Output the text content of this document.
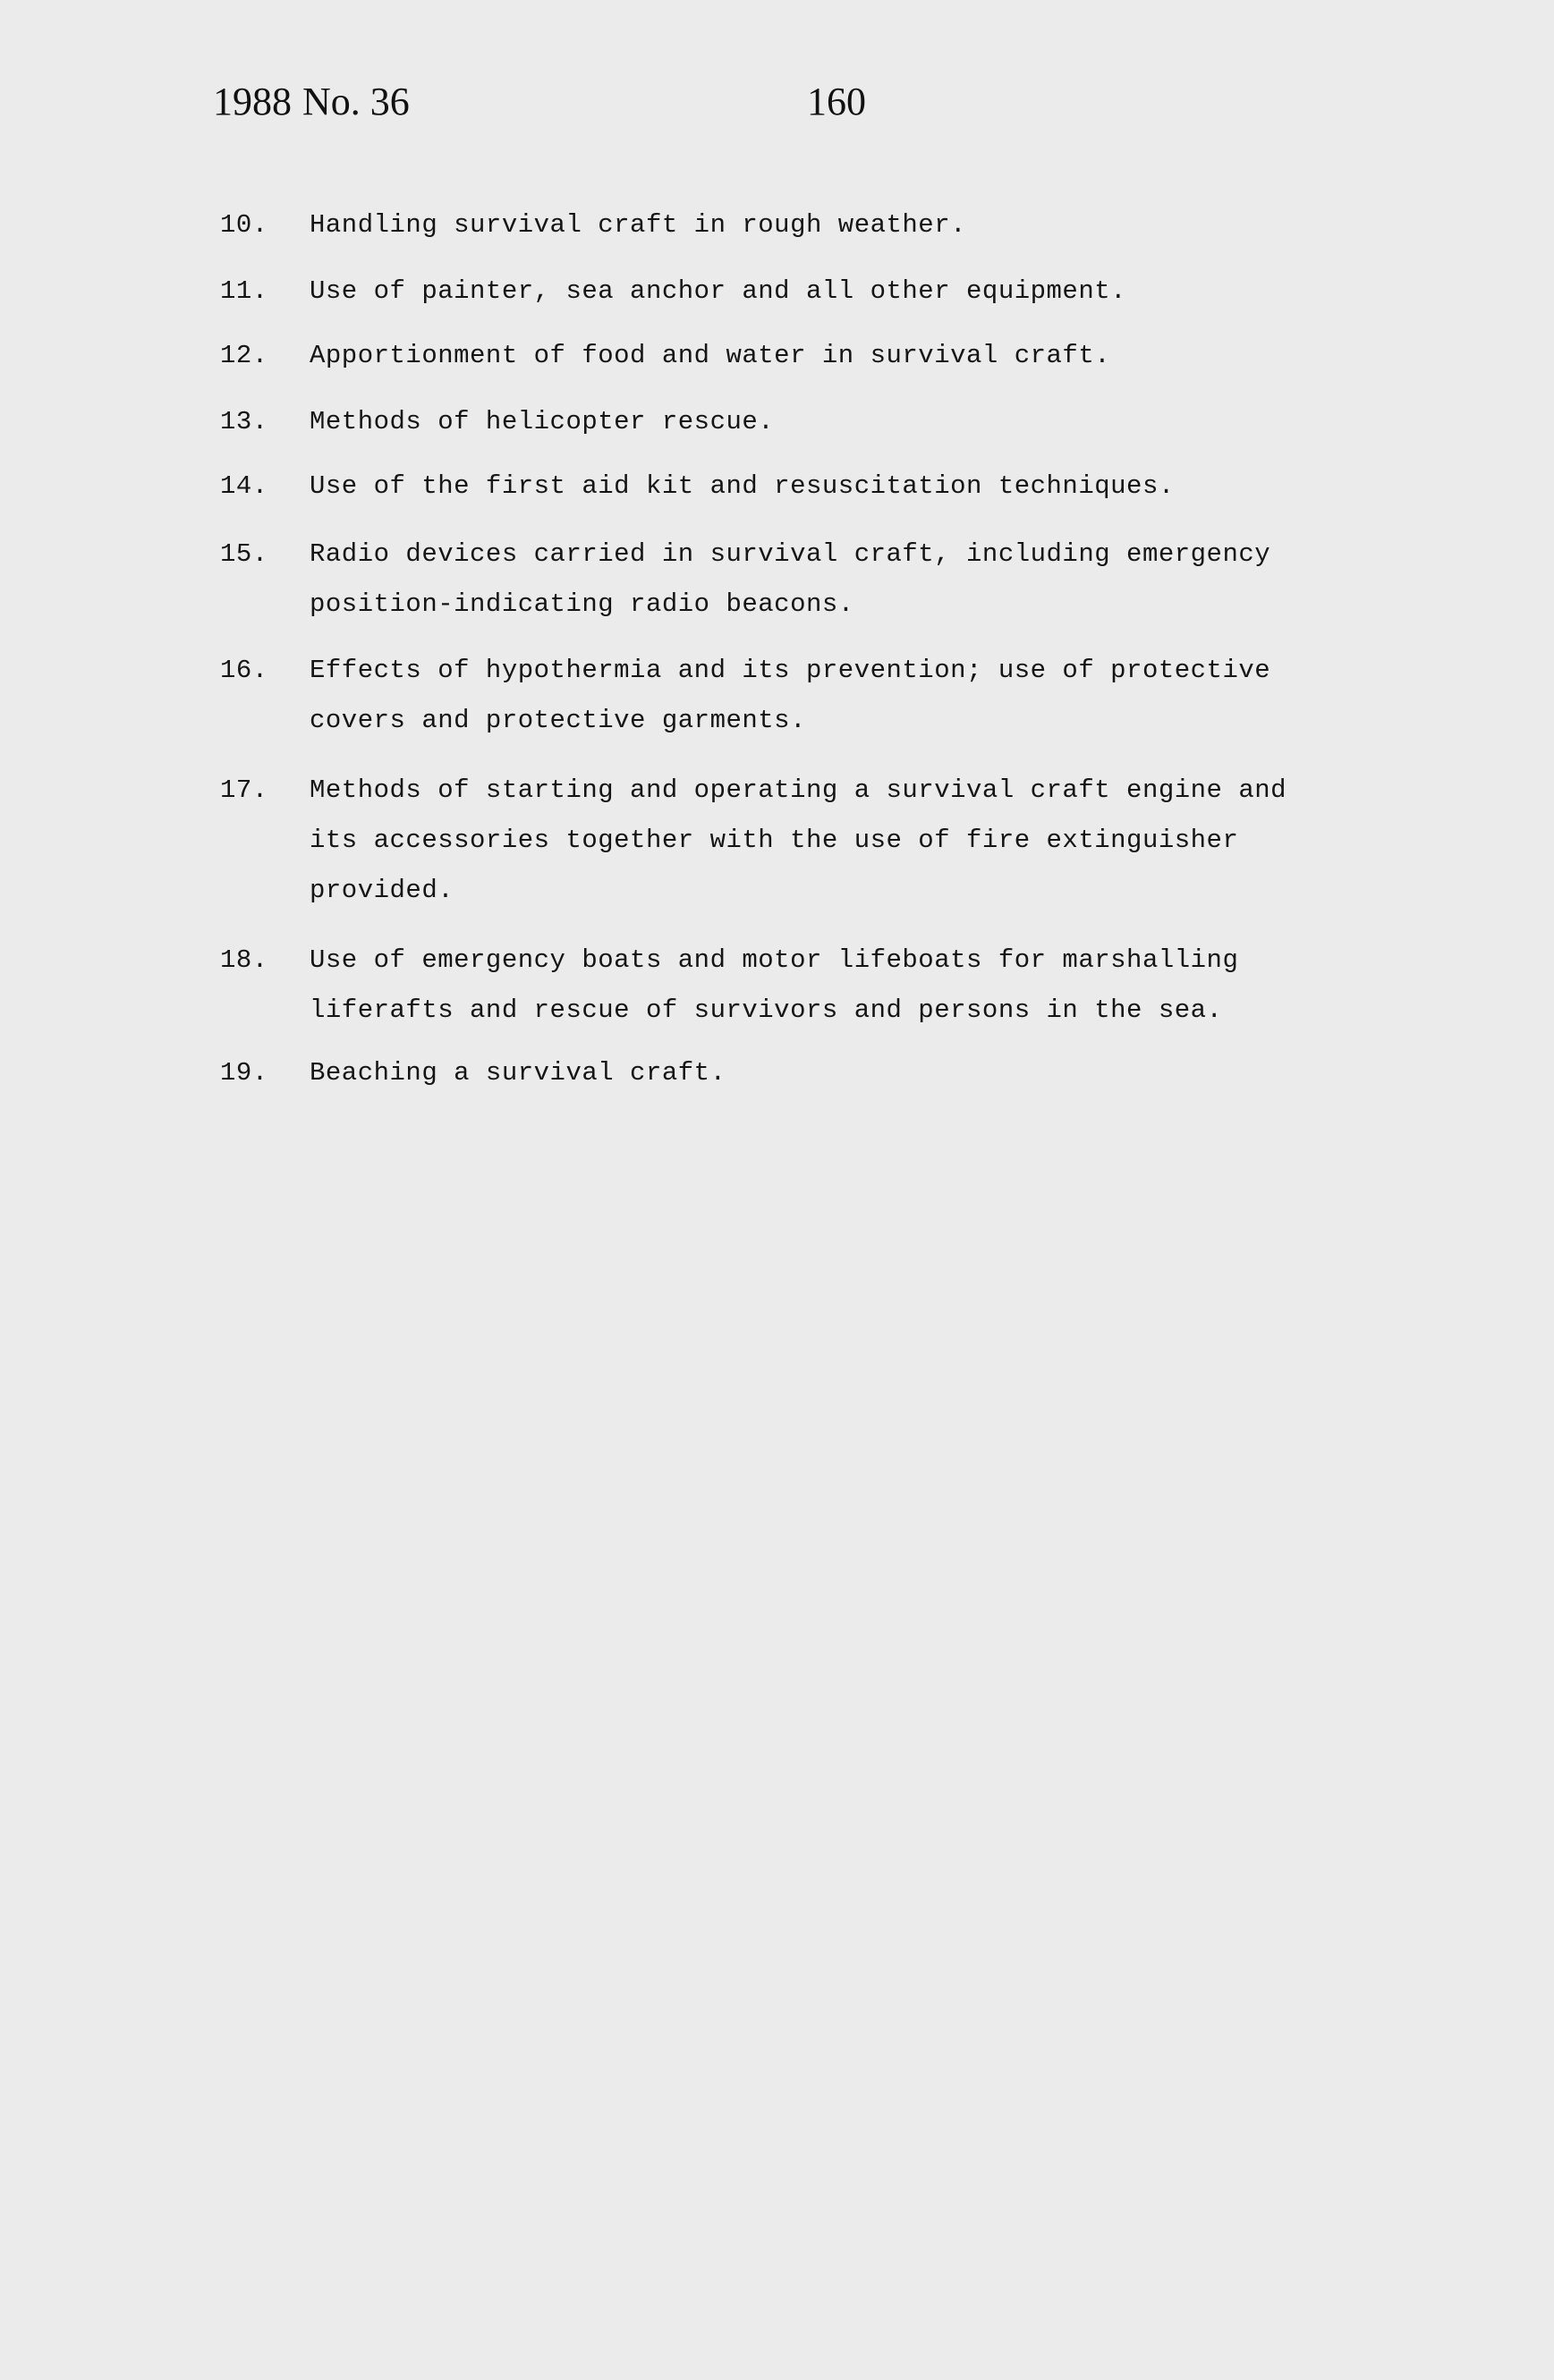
1988 No. 36	160
10. Handling survival craft in rough weather.
11. Use of painter, sea anchor and all other equipment.
12. Apportionment of food and water in survival craft.
13. Methods of helicopter rescue.
14. Use of the first aid kit and resuscitation techniques.
15. Radio devices carried in survival craft, including emergency
position-indicating radio beacons.
16. Effects of hypothermia and its prevention; use of protective
covers and protective garments.
17. Methods of starting and operating a survival craft engine and
its accessories together with the use of fire extinguisher
provided.
18. Use of emergency boats and motor lifeboats for marshalling
liferafts and rescue of survivors and persons in the sea.
19. Beaching a survival craft.
